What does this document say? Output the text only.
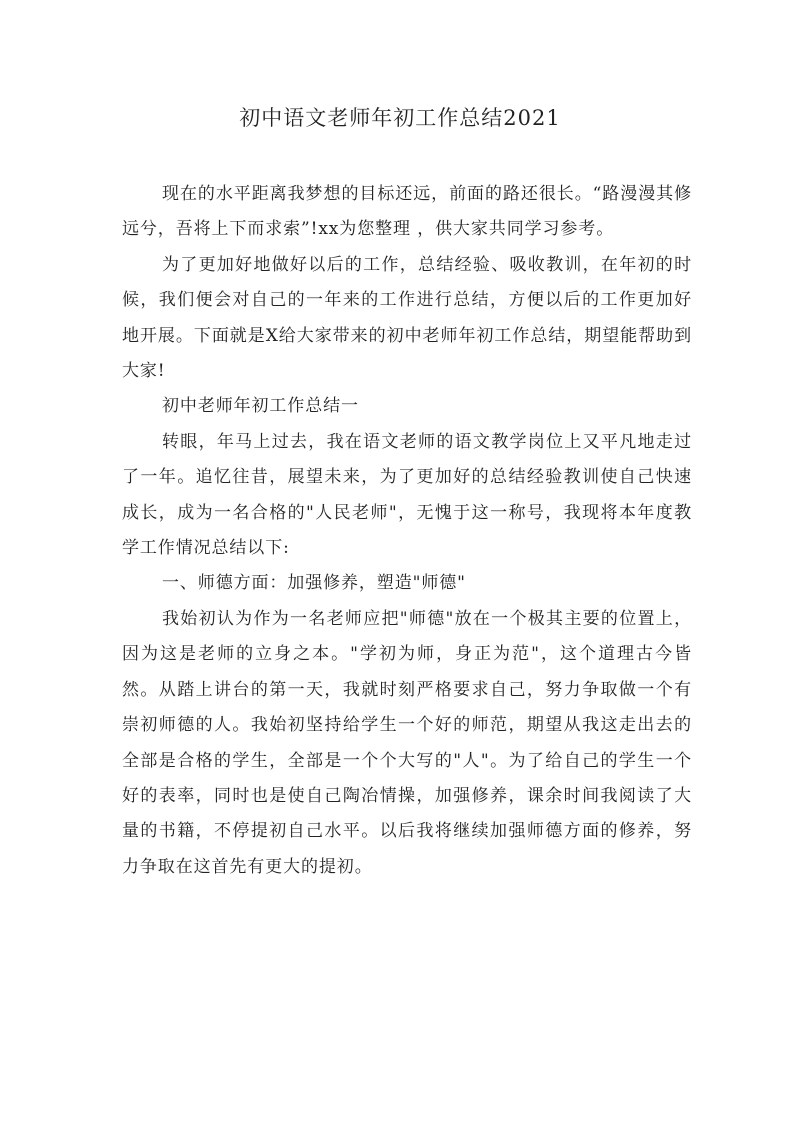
初中语文老师年初工作总结2021

现在的水平距离我梦想的目标还远，前面的路还很长。“路漫漫其修远兮，吾将上下而求索”!xx为您整理 ，供大家共同学习参考。

为了更加好地做好以后的工作，总结经验、吸收教训，在年初的时候，我们便会对自己的一年来的工作进行总结，方便以后的工作更加好地开展。下面就是X给大家带来的初中老师年初工作总结，期望能帮助到大家!

初中老师年初工作总结一

转眼，年马上过去，我在语文老师的语文教学岗位上又平凡地走过了一年。追忆往昔，展望未来，为了更加好的总结经验教训使自己快速成长，成为一名合格的"人民老师"，无愧于这一称号，我现将本年度教学工作情况总结以下:

一、师德方面：加强修养，塑造"师德"

我始初认为作为一名老师应把"师德"放在一个极其主要的位置上，因为这是老师的立身之本。"学初为师，身正为范"，这个道理古今皆然。从踏上讲台的第一天，我就时刻严格要求自己，努力争取做一个有崇初师德的人。我始初坚持给学生一个好的师范，期望从我这走出去的全部是合格的学生，全部是一个个大写的"人"。为了给自己的学生一个好的表率，同时也是使自己陶冶情操，加强修养，课余时间我阅读了大量的书籍，不停提初自己水平。以后我将继续加强师德方面的修养，努力争取在这首先有更大的提初。
